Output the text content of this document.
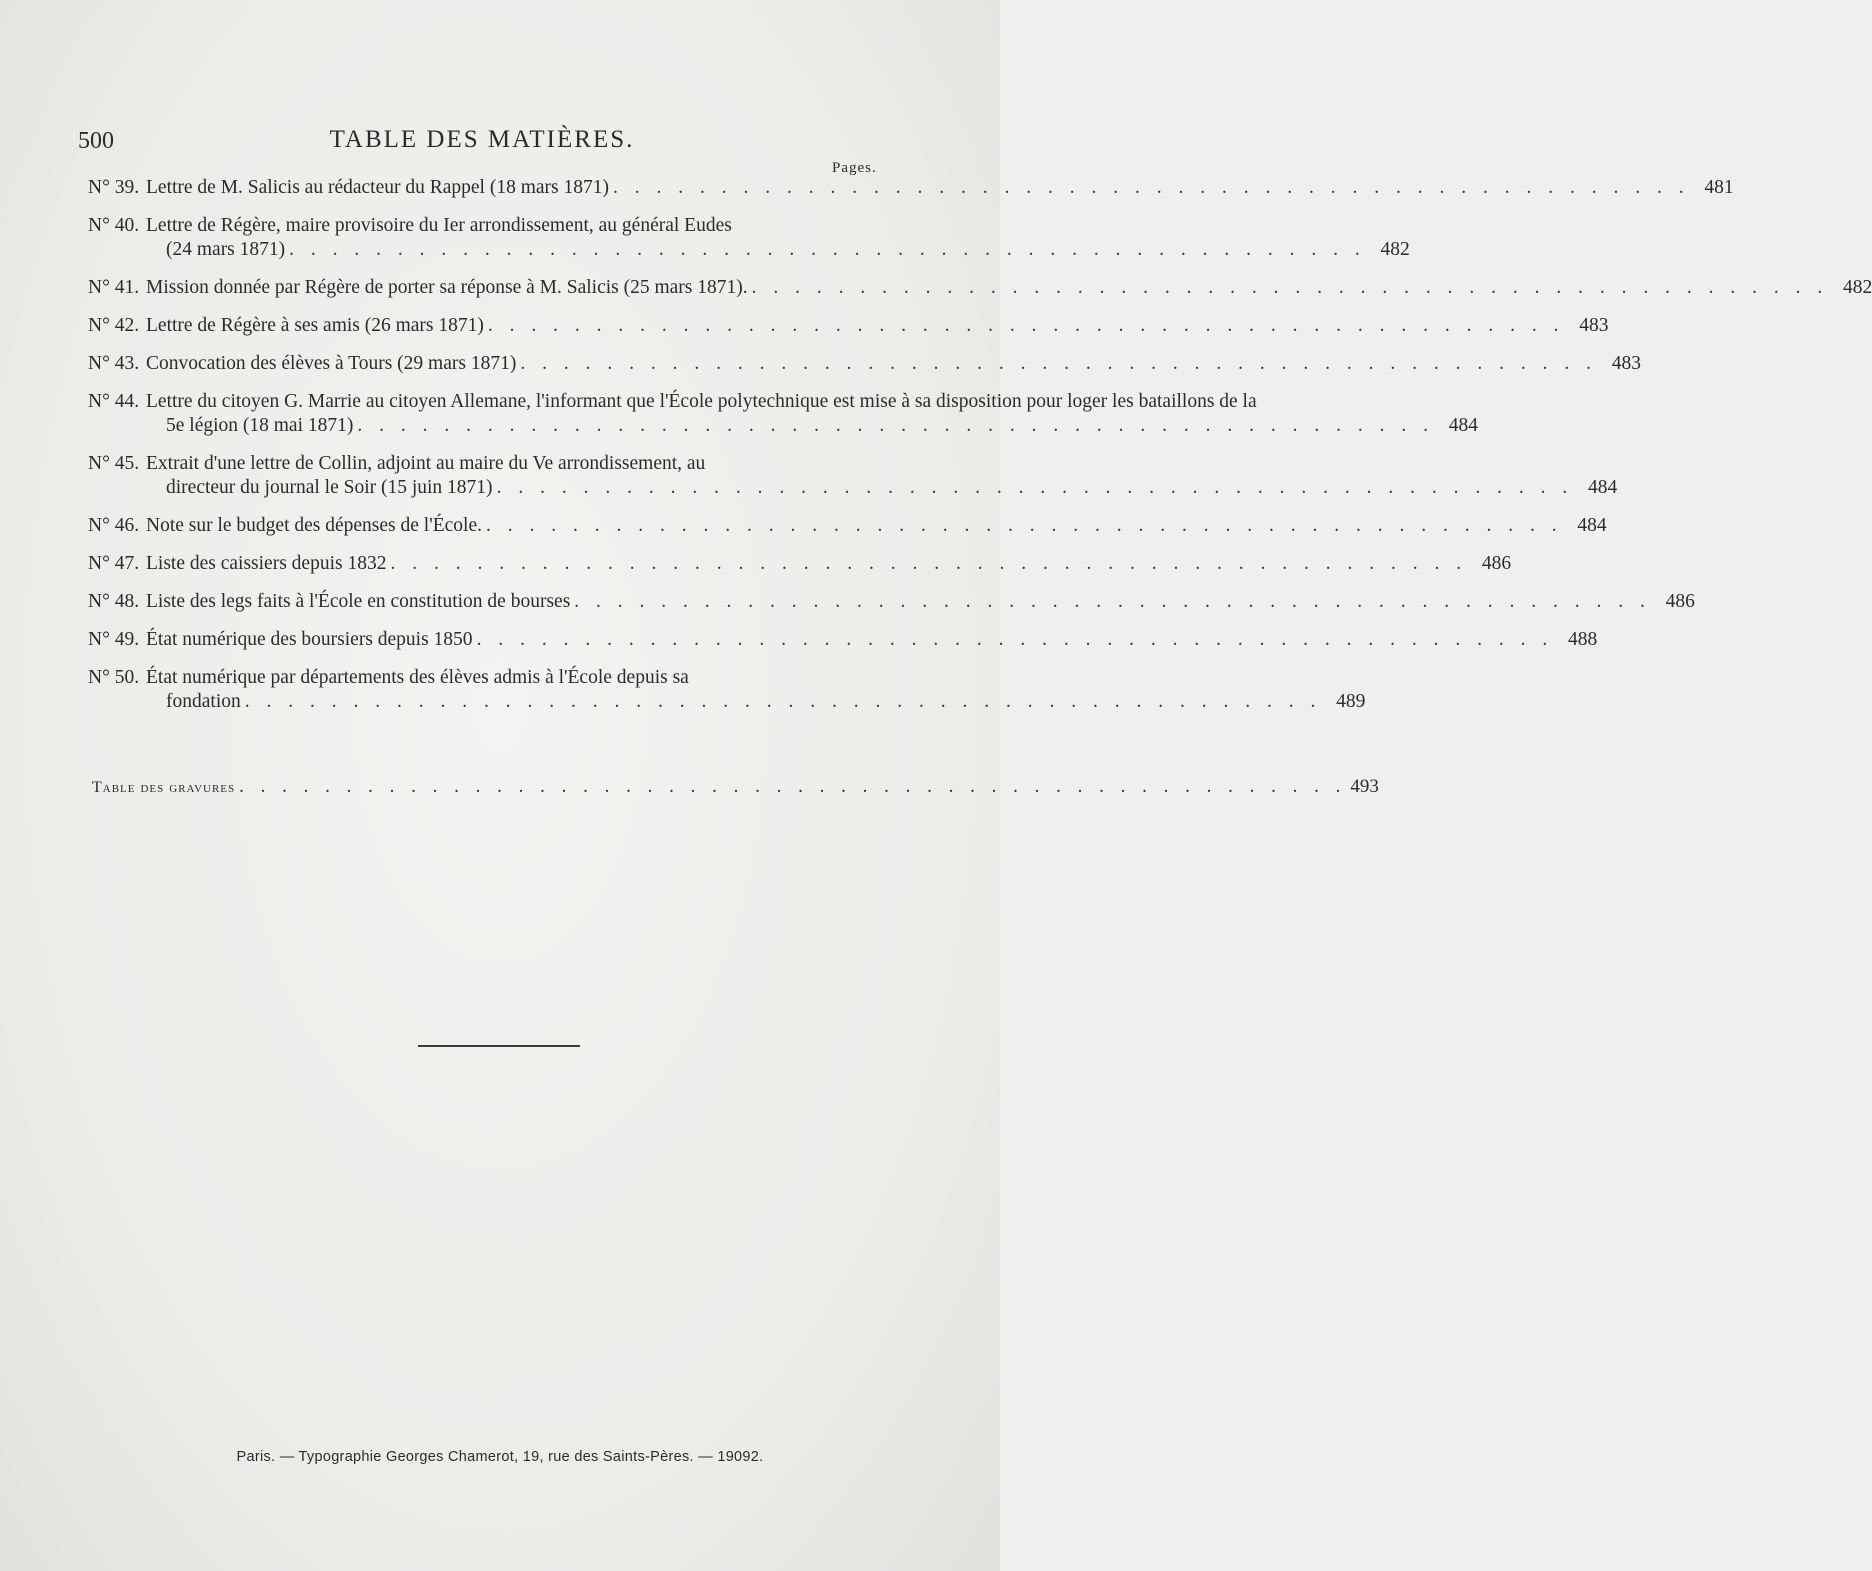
500	TABLE DES MATIÈRES.
Pages.
N° 39. Lettre de M. Salicis au rédacteur du Rappel (18 mars 1871) . . . . . . . . . . . . . . . . . . . . . . . . . . . . . . . . . . . . . . . . . . . . . . . . . . 481
N° 40. Lettre de Régère, maire provisoire du Ier arrondissement, au général Eudes
(24 mars 1871) . . . . . . . . . . . . . . . . . . . . . . . . . . . . . . . . . . . . . . . . . . . . . . . . . . 482
N° 41. Mission donnée par Régère de porter sa réponse à M. Salicis (25 mars 1871). . . . . . . . . . . . . . . . . . . . . . . . . . . . . . . . . . . . . . . . . . . . . . . . . . . 482
N° 42. Lettre de Régère à ses amis (26 mars 1871) . . . . . . . . . . . . . . . . . . . . . . . . . . . . . . . . . . . . . . . . . . . . . . . . . . 483
N° 43. Convocation des élèves à Tours (29 mars 1871) . . . . . . . . . . . . . . . . . . . . . . . . . . . . . . . . . . . . . . . . . . . . . . . . . . 483
N° 44. Lettre du citoyen G. Marrie au citoyen Allemane, l'informant que l'École polytechnique est mise à sa disposition pour loger les bataillons de la
5e légion (18 mai 1871) . . . . . . . . . . . . . . . . . . . . . . . . . . . . . . . . . . . . . . . . . . . . . . . . . . 484
N° 45. Extrait d'une lettre de Collin, adjoint au maire du Ve arrondissement, au
directeur du journal le Soir (15 juin 1871) . . . . . . . . . . . . . . . . . . . . . . . . . . . . . . . . . . . . . . . . . . . . . . . . . . 484
N° 46. Note sur le budget des dépenses de l'École. . . . . . . . . . . . . . . . . . . . . . . . . . . . . . . . . . . . . . . . . . . . . . . . . . . 484
N° 47. Liste des caissiers depuis 1832 . . . . . . . . . . . . . . . . . . . . . . . . . . . . . . . . . . . . . . . . . . . . . . . . . . 486
N° 48. Liste des legs faits à l'École en constitution de bourses . . . . . . . . . . . . . . . . . . . . . . . . . . . . . . . . . . . . . . . . . . . . . . . . . . 486
N° 49. État numérique des boursiers depuis 1850 . . . . . . . . . . . . . . . . . . . . . . . . . . . . . . . . . . . . . . . . . . . . . . . . . . 488
N° 50. État numérique par départements des élèves admis à l'École depuis sa
fondation . . . . . . . . . . . . . . . . . . . . . . . . . . . . . . . . . . . . . . . . . . . . . . . . . . 489
Table des gravures . . . . . . . . . . . . . . . . . . . . . . . . . . . . . . . . . . . . . . . . . . . . . . . . . . . . 493
Paris. — Typographie Georges Chamerot, 19, rue des Saints-Pères. — 19092.
